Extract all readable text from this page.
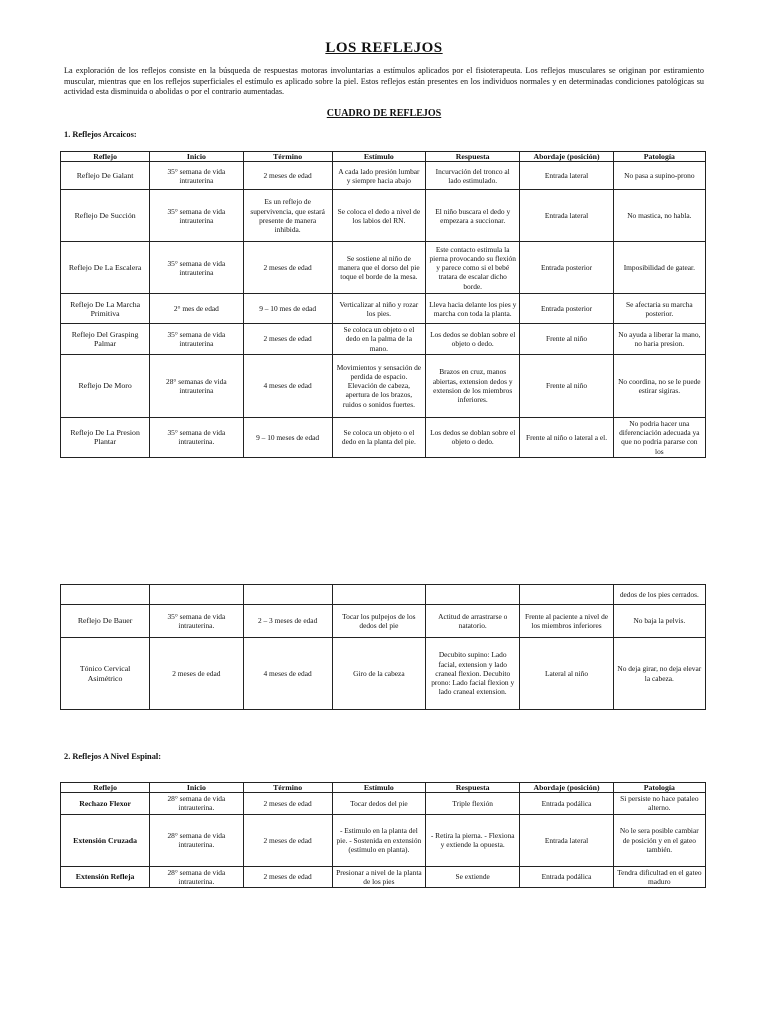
LOS REFLEJOS
La exploración de los reflejos consiste en la búsqueda de respuestas motoras involuntarias a estímulos aplicados por el fisioterapeuta. Los reflejos musculares se originan por estiramiento muscular, mientras que en los reflejos superficiales el estímulo es aplicado sobre la piel. Estos reflejos están presentes en los individuos normales y en determinadas condiciones patológicas su actividad esta disminuida o abolidas o por el contrario aumentadas.
CUADRO DE REFLEJOS
1. Reflejos Arcaicos:
Reflejo	Inicio	Término	Estímulo	Respuesta	Abordaje (posición)	Patología
Reflejo De Galant	35° semana de vida intrauterina	2 meses de edad	A cada lado presión lumbar y siempre hacia abajo	Incurvación del tronco al lado estimulado.	Entrada lateral	No pasa a supino-prono
Reflejo De Succión	35° semana de vida intrauterina	Es un reflejo de supervivencia, que estará presente de manera inhibida.	Se coloca el dedo a nivel de los labios del RN.	El niño buscara el dedo y empezara a succionar.	Entrada lateral	No mastica, no habla.
Reflejo De La Escalera	35° semana de vida intrauterina	2 meses de edad	Se sostiene al niño de manera que el dorso del pie toque el borde de la mesa.	Este contacto estimula la pierna provocando su flexión y parece como si el bebé tratara de escalar dicho borde.	Entrada posterior	Imposibilidad de gatear.
Reflejo De La Marcha Primitiva	2° mes de edad	9 – 10 mes de edad	Verticalizar al niño y rozar los pies.	Lleva hacia delante los pies y marcha con toda la planta.	Entrada posterior	Se afectaria su marcha posterior.
Reflejo Del Grasping Palmar	35° semana de vida intrauterina	2 meses de edad	Se coloca un objeto o el dedo en la palma de la mano.	Los dedos se doblan sobre el objeto o dedo.	Frente al niño	No ayuda a liberar la mano, no haria presion.
Reflejo De Moro	28° semanas de vida intrauterina	4 meses de edad	Movimientos y sensación de perdida de espacio. Elevación de cabeza, apertura de los brazos, ruidos o sonidos fuertes.	Brazos en cruz, manos abiertas, extension dedos y extension de los miembros inferiores.	Frente al niño	No coordina, no se le puede estirar sigiras.
Reflejo De La Presion Plantar	35° semana de vida intrauterina.	9 – 10 meses de edad	Se coloca un objeto o el dedo en la planta del pie.	Los dedos se doblan sobre el objeto o dedo.	Frente al niño o lateral a el.	No podria hacer una diferenciación adecuada ya que no podria pararse con los
						dedos de los pies cerrados.
Reflejo De Bauer	35° semana de vida intrauterina.	2 – 3 meses de edad	Tocar los pulpejos de los dedos del pie	Actitud de arrastrarse o natatorio.	Frente al paciente a nivel de los miembros inferiores	No baja la pelvis.
Tónico Cervical Asimétrico	2 meses de edad	4 meses de edad	Giro de la cabeza	Decubito supino: Lado facial, extension y lado craneal flexion. Decubito prono: Lado facial flexion y lado craneal extension.	Lateral al niño	No deja girar, no deja elevar la cabeza.
2. Reflejos A Nivel Espinal:
Reflejo	Inicio	Término	Estímulo	Respuesta	Abordaje (posición)	Patología
Rechazo Flexor	28° semana de vida intrauterina.	2 meses de edad	Tocar dedos del pie	Triple flexión	Entrada podálica	Si persiste no hace pataleo alterno.
Extensión Cruzada	28° semana de vida intrauterina.	2 meses de edad	- Estimulo en la planta del pie. - Sostenida en extensión (estímulo en planta).	- Retira la pierna. - Flexiona y extiende la opuesta.	Entrada lateral	No le sera posible cambiar de posición y en el gateo también.
Extensión Refleja	28° semana de vida intrauterina.	2 meses de edad	Presionar a nivel de la planta de los pies	Se extiende	Entrada podálica	Tendra dificultad en el gateo maduro
